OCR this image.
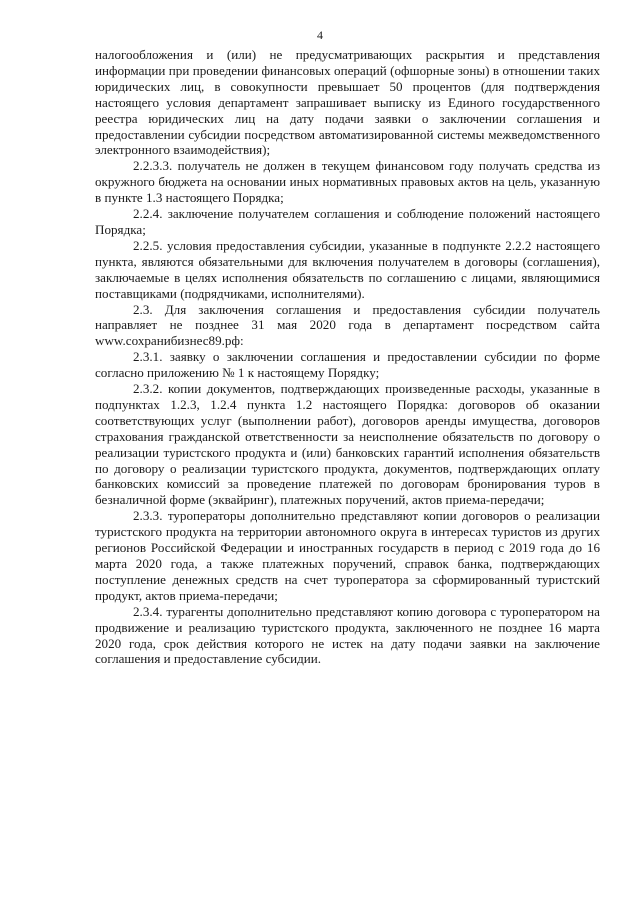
4

налогообложения и (или) не предусматривающих раскрытия и представления информации при проведении финансовых операций (офшорные зоны) в отношении таких юридических лиц, в совокупности превышает 50 процентов (для подтверждения настоящего условия департамент запрашивает выписку из Единого государственного реестра юридических лиц на дату подачи заявки о заключении соглашения и предоставлении субсидии посредством автоматизированной системы межведомственного электронного взаимодействия);

2.2.3.3. получатель не должен в текущем финансовом году получать средства из окружного бюджета на основании иных нормативных правовых актов на цель, указанную в пункте 1.3 настоящего Порядка;

2.2.4. заключение получателем соглашения и соблюдение положений настоящего Порядка;

2.2.5. условия предоставления субсидии, указанные в подпункте 2.2.2 настоящего пункта, являются обязательными для включения получателем в договоры (соглашения), заключаемые в целях исполнения обязательств по соглашению с лицами, являющимися поставщиками (подрядчиками, исполнителями).

2.3. Для заключения соглашения и предоставления субсидии получатель направляет не позднее 31 мая 2020 года в департамент посредством сайта www.сохранибизнес89.рф:

2.3.1. заявку о заключении соглашения и предоставлении субсидии по форме согласно приложению № 1 к настоящему Порядку;

2.3.2. копии документов, подтверждающих произведенные расходы, указанные в подпунктах 1.2.3, 1.2.4 пункта 1.2 настоящего Порядка: договоров об оказании соответствующих услуг (выполнении работ), договоров аренды имущества, договоров страхования гражданской ответственности за неисполнение обязательств по договору о реализации туристского продукта и (или) банковских гарантий исполнения обязательств по договору о реализации туристского продукта, документов, подтверждающих оплату банковских комиссий за проведение платежей по договорам бронирования туров в безналичной форме (эквайринг), платежных поручений, актов приема-передачи;

2.3.3. туроператоры дополнительно представляют копии договоров о реализации туристского продукта на территории автономного округа в интересах туристов из других регионов Российской Федерации и иностранных государств в период с 2019 года до 16 марта 2020 года, а также платежных поручений, справок банка, подтверждающих поступление денежных средств на счет туроператора за сформированный туристский продукт, актов приема-передачи;

2.3.4. турагенты дополнительно представляют копию договора с туроператором на продвижение и реализацию туристского продукта, заключенного не позднее 16 марта 2020 года, срок действия которого не истек на дату подачи заявки на заключение соглашения и предоставление субсидии.
